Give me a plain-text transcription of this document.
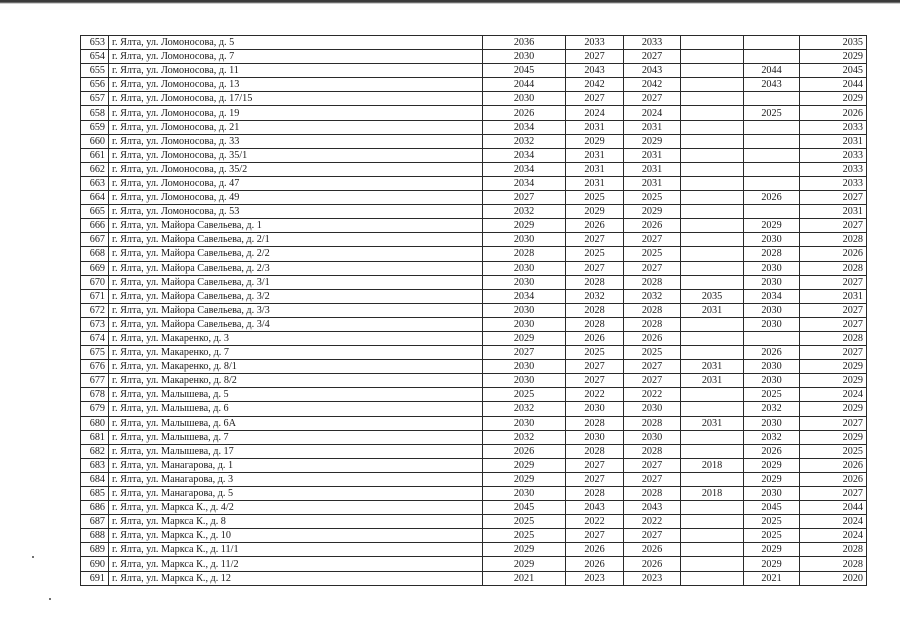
653	г. Ялта, ул. Ломоносова, д. 5	2036	2033	2033			2035
654	г. Ялта, ул. Ломоносова, д. 7	2030	2027	2027			2029
655	г. Ялта, ул. Ломоносова, д. 11	2045	2043	2043		2044	2045
656	г. Ялта, ул. Ломоносова, д. 13	2044	2042	2042		2043	2044
657	г. Ялта, ул. Ломоносова, д. 17/15	2030	2027	2027			2029
658	г. Ялта, ул. Ломоносова, д. 19	2026	2024	2024		2025	2026
659	г. Ялта, ул. Ломоносова, д. 21	2034	2031	2031			2033
660	г. Ялта, ул. Ломоносова, д. 33	2032	2029	2029			2031
661	г. Ялта, ул. Ломоносова, д. 35/1	2034	2031	2031			2033
662	г. Ялта, ул. Ломоносова, д. 35/2	2034	2031	2031			2033
663	г. Ялта, ул. Ломоносова, д. 47	2034	2031	2031			2033
664	г. Ялта, ул. Ломоносова, д. 49	2027	2025	2025		2026	2027
665	г. Ялта, ул. Ломоносова, д. 53	2032	2029	2029			2031
666	г. Ялта, ул. Майора Савельева, д. 1	2029	2026	2026		2029	2027
667	г. Ялта, ул. Майора Савельева, д. 2/1	2030	2027	2027		2030	2028
668	г. Ялта, ул. Майора Савельева, д. 2/2	2028	2025	2025		2028	2026
669	г. Ялта, ул. Майора Савельева, д. 2/3	2030	2027	2027		2030	2028
670	г. Ялта, ул. Майора Савельева, д. 3/1	2030	2028	2028		2030	2027
671	г. Ялта, ул. Майора Савельева, д. 3/2	2034	2032	2032	2035	2034	2031
672	г. Ялта, ул. Майора Савельева, д. 3/3	2030	2028	2028	2031	2030	2027
673	г. Ялта, ул. Майора Савельева, д. 3/4	2030	2028	2028		2030	2027
674	г. Ялта, ул. Макаренко, д. 3	2029	2026	2026			2028
675	г. Ялта, ул. Макаренко, д. 7	2027	2025	2025		2026	2027
676	г. Ялта, ул. Макаренко, д. 8/1	2030	2027	2027	2031	2030	2029
677	г. Ялта, ул. Макаренко, д. 8/2	2030	2027	2027	2031	2030	2029
678	г. Ялта, ул. Малышева, д. 5	2025	2022	2022		2025	2024
679	г. Ялта, ул. Малышева, д. 6	2032	2030	2030		2032	2029
680	г. Ялта, ул. Малышева, д. 6А	2030	2028	2028	2031	2030	2027
681	г. Ялта, ул. Малышева, д. 7	2032	2030	2030		2032	2029
682	г. Ялта, ул. Малышева, д. 17	2026	2028	2028		2026	2025
683	г. Ялта, ул. Манагарова, д. 1	2029	2027	2027	2018	2029	2026
684	г. Ялта, ул. Манагарова, д. 3	2029	2027	2027		2029	2026
685	г. Ялта, ул. Манагарова, д. 5	2030	2028	2028	2018	2030	2027
686	г. Ялта, ул. Маркса К., д. 4/2	2045	2043	2043		2045	2044
687	г. Ялта, ул. Маркса К., д. 8	2025	2022	2022		2025	2024
688	г. Ялта, ул. Маркса К., д. 10	2025	2027	2027		2025	2024
689	г. Ялта, ул. Маркса К., д. 11/1	2029	2026	2026		2029	2028
690	г. Ялта, ул. Маркса К., д. 11/2	2029	2026	2026		2029	2028
691	г. Ялта, ул. Маркса К., д. 12	2021	2023	2023		2021	2020
